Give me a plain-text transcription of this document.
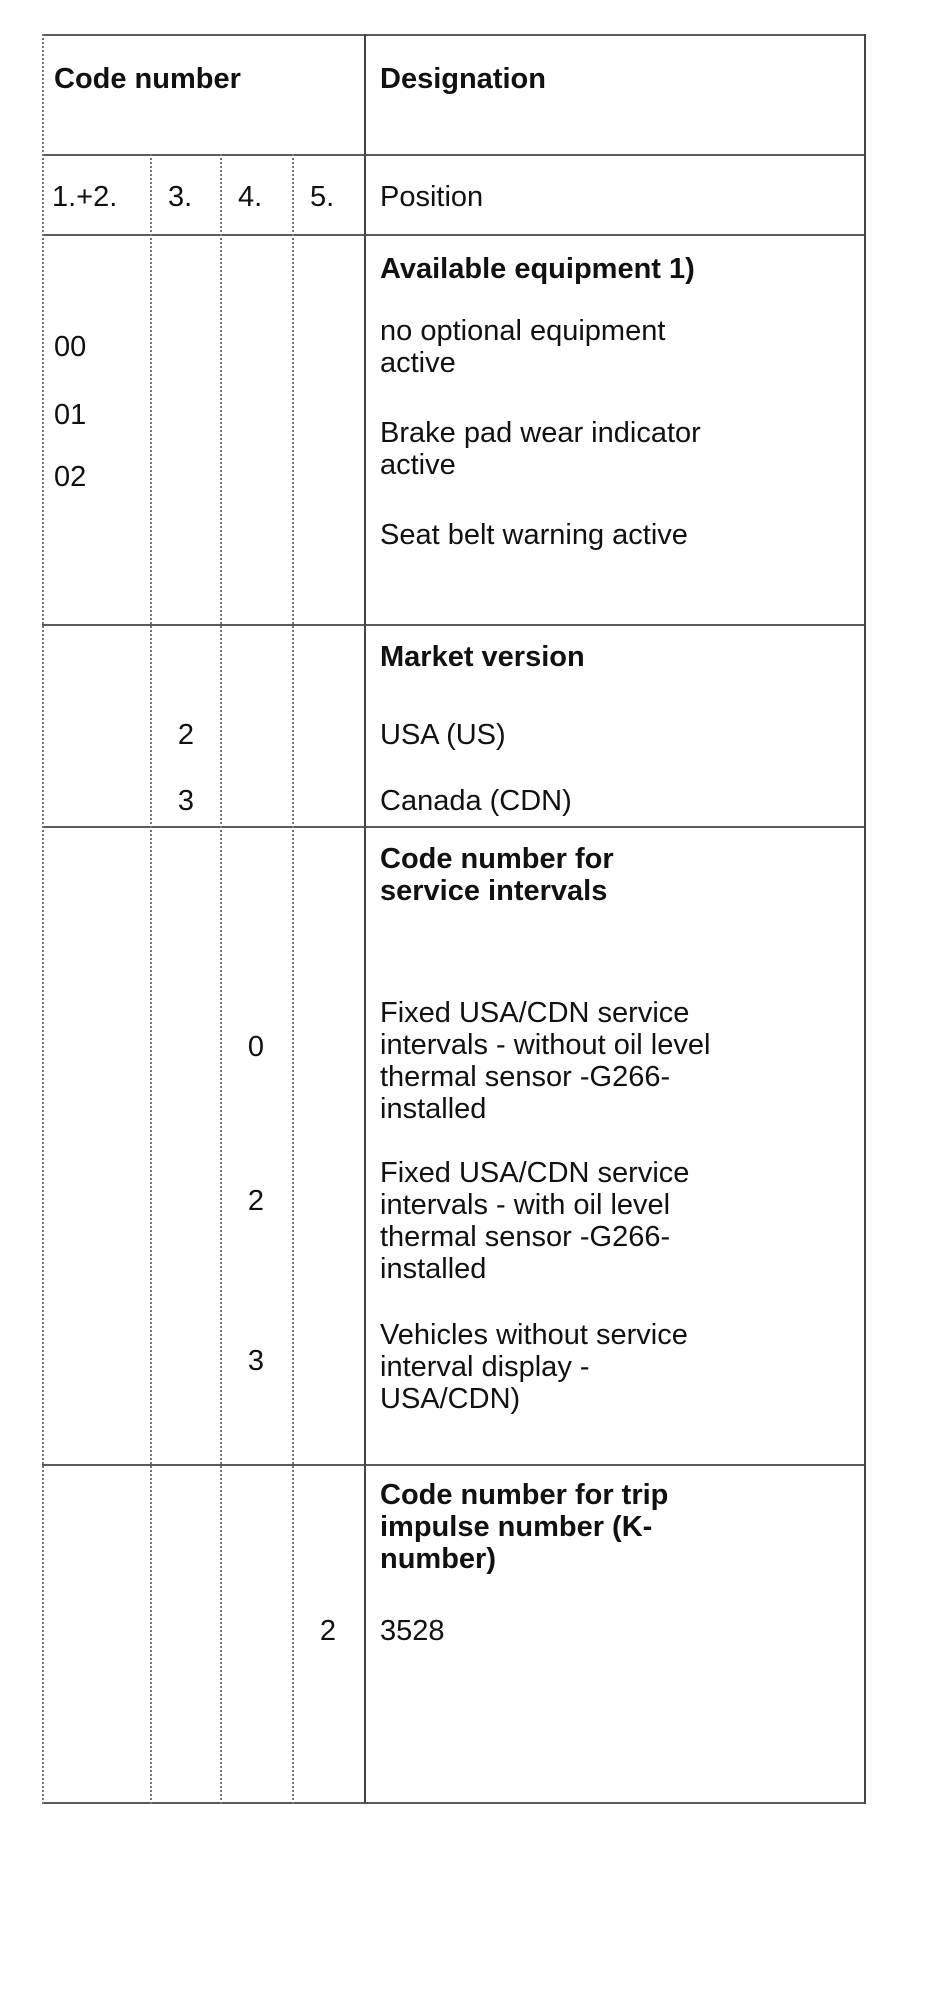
Code number	Designation
1.+2. 3. 4. 5. Position
Available equipment 1)
00
01
02
no optional equipment
active
Brake pad wear indicator
active
Seat belt warning active
Market version
2
3
USA (US)
Canada (CDN)
Code number for
service intervals
0
2
3
Fixed USA/CDN service
intervals - without oil level
thermal sensor -G266-
installed
Fixed USA/CDN service
intervals - with oil level
thermal sensor -G266-
installed
Vehicles without service
interval display -
USA/CDN)
Code number for trip
impulse number (K-
number)
2	3528
